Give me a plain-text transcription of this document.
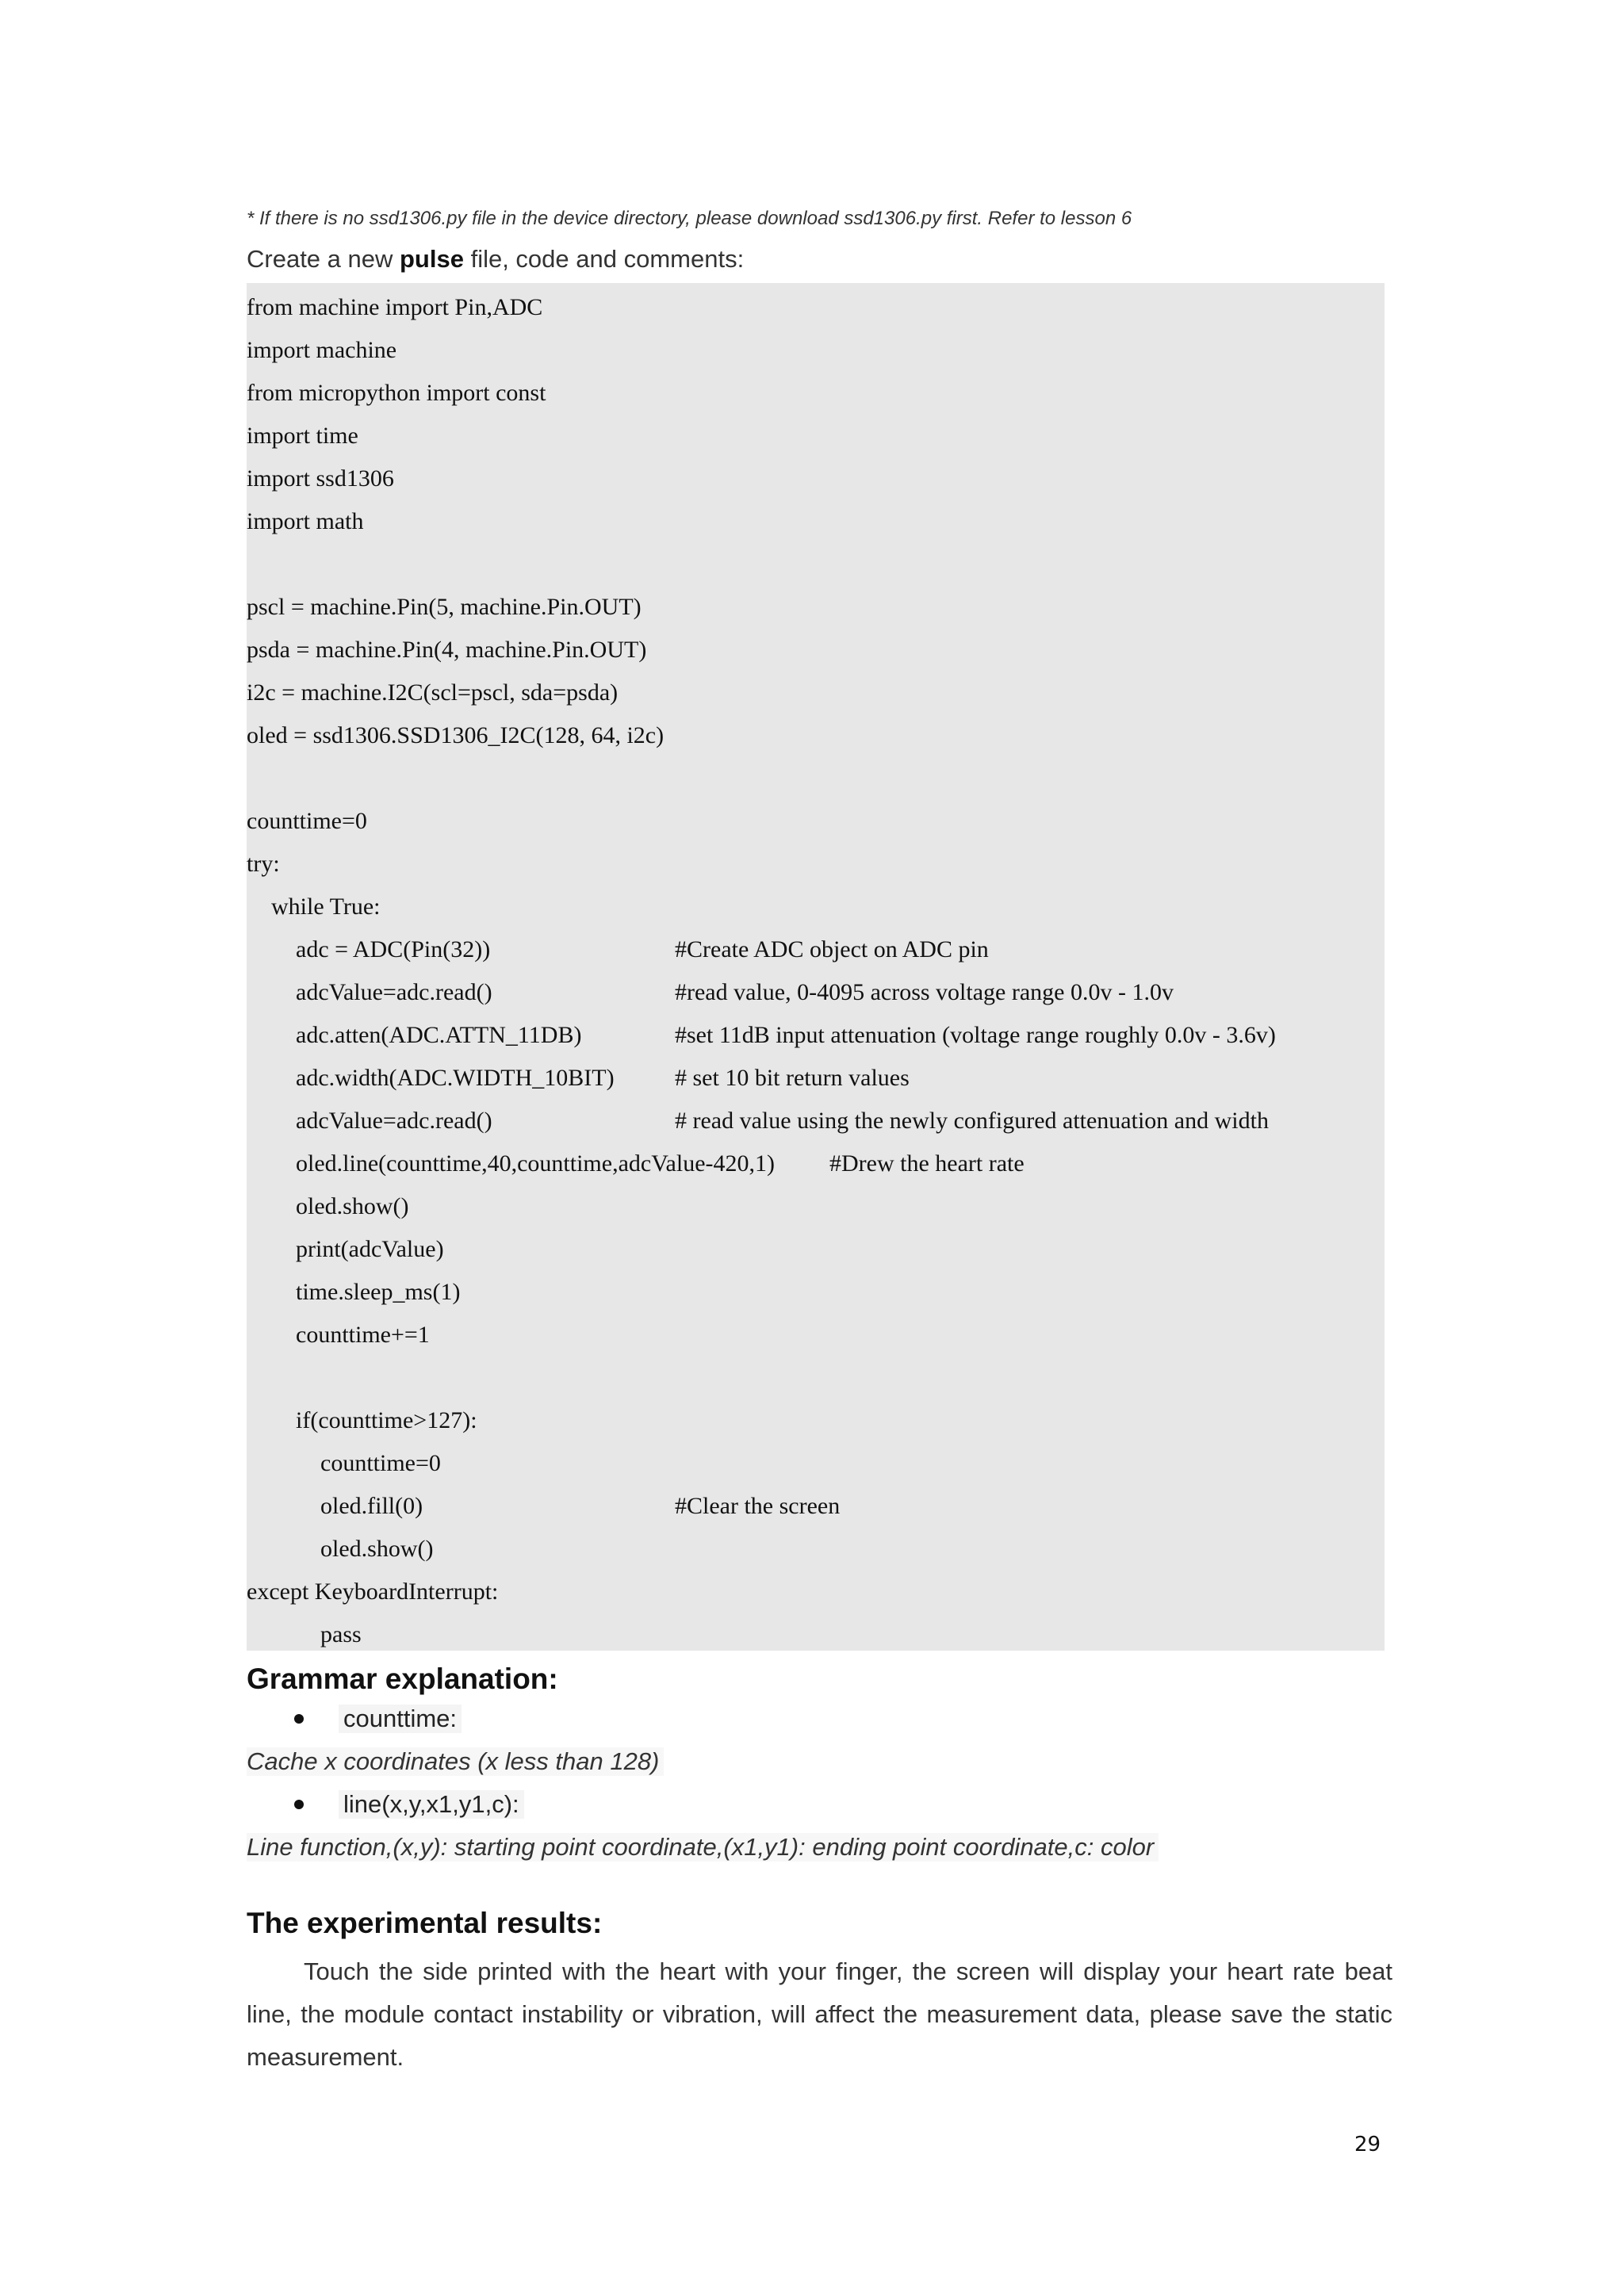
* If there is no ssd1306.py file in the device directory, please download ssd1306.py first. Refer to lesson 6
Create a new pulse file, code and comments:
from machine import Pin,ADC
import machine
from micropython import const
import time
import ssd1306
import math
pscl = machine.Pin(5, machine.Pin.OUT)
psda = machine.Pin(4, machine.Pin.OUT)
i2c = machine.I2C(scl=pscl, sda=psda)
oled = ssd1306.SSD1306_I2C(128, 64, i2c)
counttime=0
try:
while True:
adc = ADC(Pin(32))	#Create ADC object on ADC pin
adcValue=adc.read()	#read value, 0-4095 across voltage range 0.0v - 1.0v
adc.atten(ADC.ATTN_11DB)	#set 11dB input attenuation (voltage range roughly 0.0v - 3.6v)
adc.width(ADC.WIDTH_10BIT)	# set 10 bit return values
adcValue=adc.read()	# read value using the newly configured attenuation and width
oled.line(counttime,40,counttime,adcValue-420,1) #Drew the heart rate
oled.show()
print(adcValue)
time.sleep_ms(1)
counttime+=1
if(counttime>127):
counttime=0
oled.fill(0)	#Clear the screen
oled.show()
except KeyboardInterrupt:
pass
Grammar explanation:
counttime:
Cache x coordinates (x less than 128)
line(x,y,x1,y1,c):
Line function,(x,y): starting point coordinate,(x1,y1): ending point coordinate,c: color
The experimental results:
Touch the side printed with the heart with your finger, the screen will display your heart rate beat line, the module contact instability or vibration, will affect the measurement data, please save the static measurement.
29
